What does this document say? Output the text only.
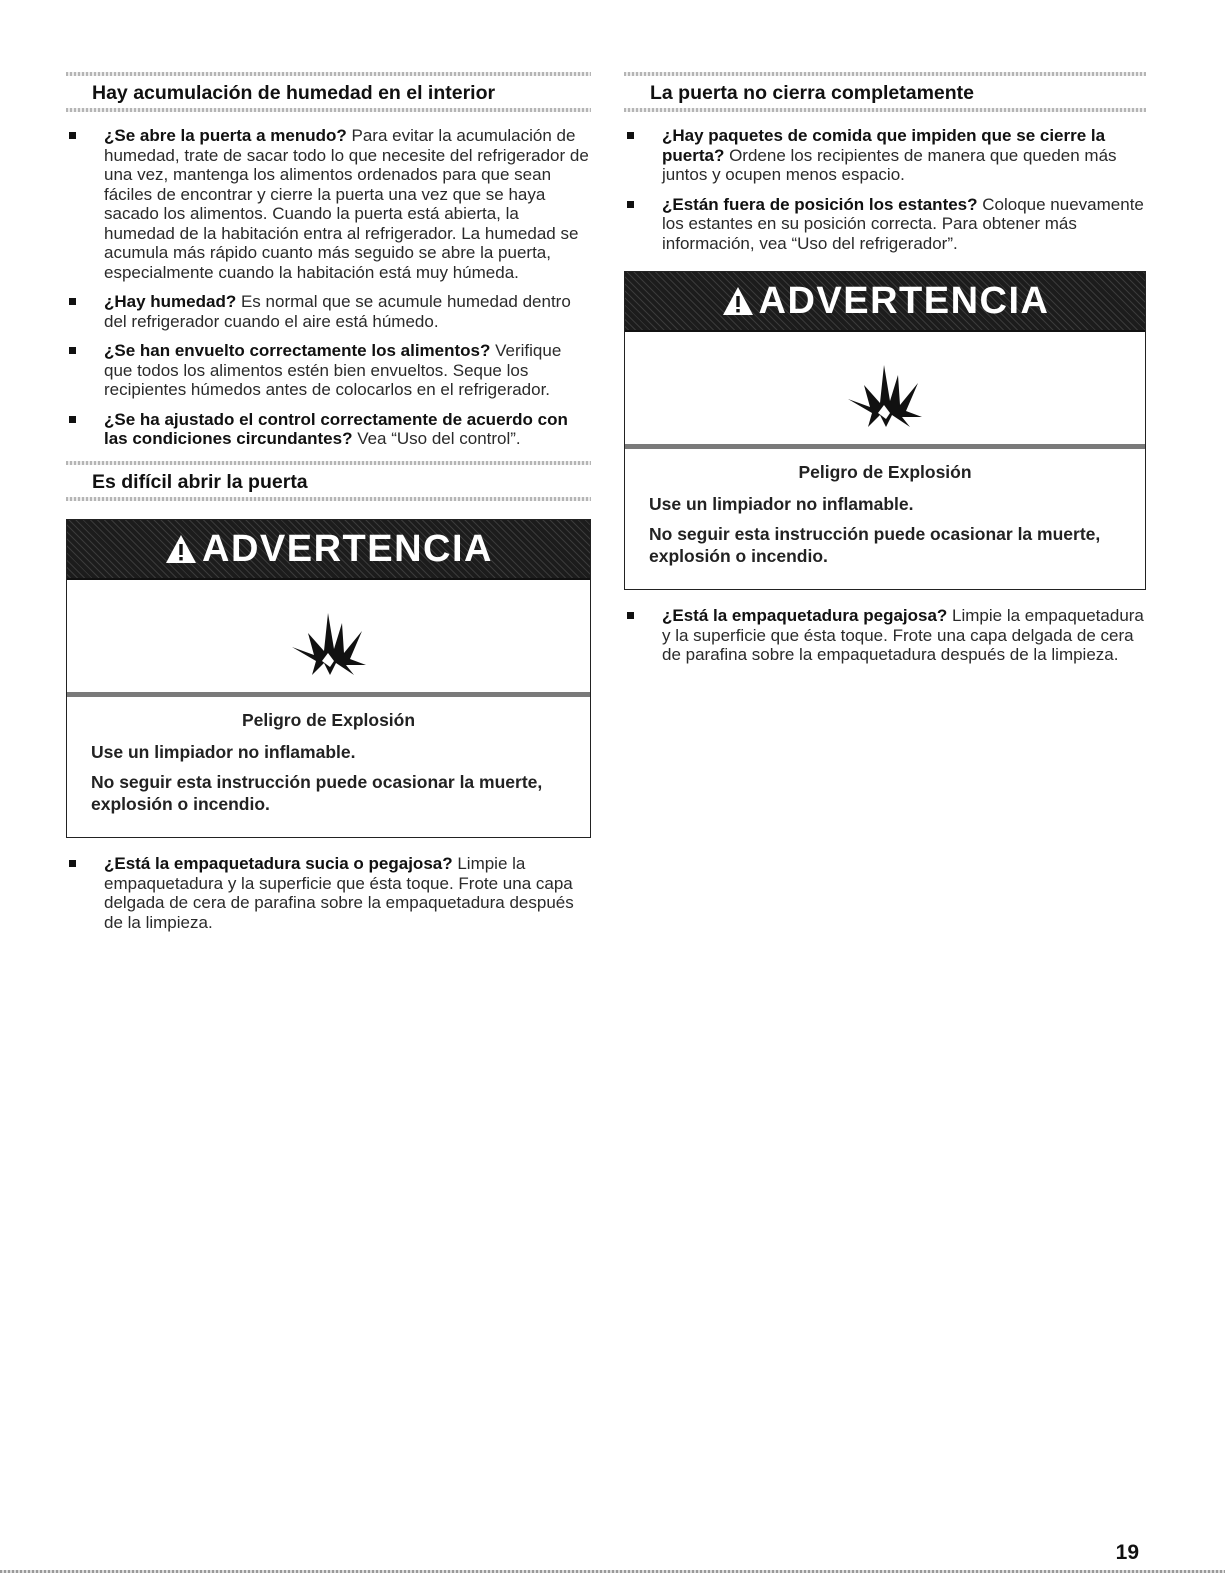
Hay acumulación de humedad en el interior
¿Se abre la puerta a menudo? Para evitar la acumulación de humedad, trate de sacar todo lo que necesite del refrigerador de una vez, mantenga los alimentos ordenados para que sean fáciles de encontrar y cierre la puerta una vez que se haya sacado los alimentos. Cuando la puerta está abierta, la humedad de la habitación entra al refrigerador. La humedad se acumula más rápido cuanto más seguido se abre la puerta, especialmente cuando la habitación está muy húmeda.
¿Hay humedad? Es normal que se acumule humedad dentro del refrigerador cuando el aire está húmedo.
¿Se han envuelto correctamente los alimentos? Verifique que todos los alimentos estén bien envueltos. Seque los recipientes húmedos antes de colocarlos en el refrigerador.
¿Se ha ajustado el control correctamente de acuerdo con las condiciones circundantes? Vea “Uso del control”.
Es difícil abrir la puerta
ADVERTENCIA

Peligro de Explosión

Use un limpiador no inflamable.

No seguir esta instrucción puede ocasionar la muerte, explosión o incendio.

¿Está la empaquetadura sucia o pegajosa? Limpie la empaquetadura y la superficie que ésta toque. Frote una capa delgada de cera de parafina sobre la empaquetadura después de la limpieza.
La puerta no cierra completamente
¿Hay paquetes de comida que impiden que se cierre la puerta? Ordene los recipientes de manera que queden más juntos y ocupen menos espacio.
¿Están fuera de posición los estantes? Coloque nuevamente los estantes en su posición correcta. Para obtener más información, vea “Uso del refrigerador”.
ADVERTENCIA

Peligro de Explosión

Use un limpiador no inflamable.

No seguir esta instrucción puede ocasionar la muerte, explosión o incendio.

¿Está la empaquetadura pegajosa? Limpie la empaquetadura y la superficie que ésta toque. Frote una capa delgada de cera de parafina sobre la empaquetadura después de la limpieza.
19
